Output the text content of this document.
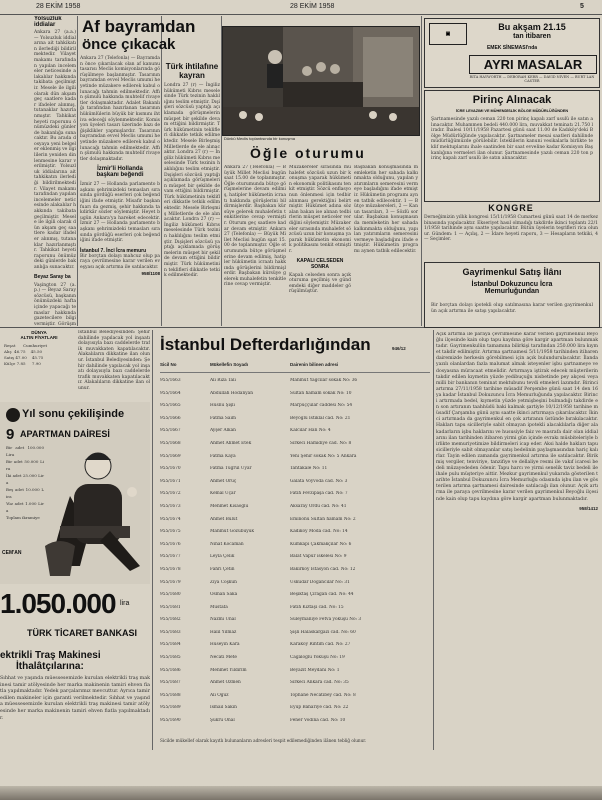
28 EKİM 1958	28 EKİM 1958	5
Yolsuzluk iddialar
Ankara 27 (a.a.) — Yolsuzluk iddialarına ait tahkikatın ilerlediği bildirilmektedir. Vilayet makamı tarafından yapılan incelemeler neticesinde alakalılar hakkında takibata geçilmiştir. Mesele ile ilgili olarak dün akşam geç saatlere kadar ifadeler alınmış, tutanaklar hazırlanmıştır. Tahkikat heyeti raporunu önümüzdeki günlerde bakanlığa sunacaktır. Bu arada dosyaya yeni belgeler eklenmiş ve ilgililerin yeniden dinlenmesine karar verilmiştir. Yolsuzluk iddialarına ait tahkikatın ilerlediği bildirilmektedir. Vilayet makamı tarafından yapılan incelemeler neticesinde alakalılar hakkında takibata geçilmiştir. Mesele ile ilgili olarak dün akşam geç saatlere kadar ifadeler alınmış, tutanaklar hazırlanmıştır. Tahkikat heyeti raporunu önümüzdeki günlerde bakanlığa sunacaktır.
Beyaz Saray ba
Vaşington 27 (a.p.) — Beyaz Saray sözcüsü, başkanın önümüzdeki hafta içinde yapacağı temaslar hakkında gazetecilere bilgi vermiştir. Görüşm
Ankara 27 (Telefonla) — Bayramdan önce çıkarılacak olan af kanunu tasarısı Meclis komisyonlarında görüşülmeye başlanmıştır. Tasarının bayramdan evvel Meclis umumi heyetinde müzakere edilerek kabul olunacağı tahmin edilmektedir. Affın şümulü hakkında muhtelif rivayetler dolaşmaktadır. Adalet Bakanlığı tarafından hazırlanan tasarının hükümlülerin büyük bir kısmını ihtiva edeceği söylenmektedir. Komisyon üyeleri tasarı üzerinde bazı değişiklikler yapmışlardır. Tasarının bayramdan evvel Meclis umumi heyetinde müzakere edilerek kabul olunacağı tahmin edilmektedir. Affın şümulü hakkında muhtelif rivayetler dolaşmaktadır.
İzmir'li Hollanda
başkanı beğendi
İzmir 27 — Hollanda parlamento başkanı şehrimizdeki temasları sırasında gördüğü eserleri çok beğendiğini ifade etmiştir. Misafir başkan fuarı da gezmiş, şehir hakkında takdirkâr sözler söylemiştir. Heyet bugün Ankara'ya hareket edecektir. İzmir 27 — Hollanda parlamento başkanı şehrimizdeki temasları sırasında gördüğü eserleri çok beğendiğini ifade etmiştir.
İstanbul 7. İnci İcra memuru
Bir borçtan dolayı mahcuz olup paraya çevrilmesine karar verilen ev eşyası açık artırma ile satılacaktır.
958/1108
Af bayramdan
önce çıkacak
Türk ihtilafıne
kayran
Londra 27 (r) — İngiliz hükümeti Kıbrıs meselesinde Türk tezinin haklılığını teslim etmiştir. Dışişleri sözcüsü yaptığı açıklamada görüşmelerin müspet bir şekilde devam ettiğini bildirmiştir. Türk hükümetinin teklifleri dikkatle tetkik edilmektedir. Mesele Birleşmiş Milletlerde de ele alınacaktır. Londra 27 (r) — İngiliz hükümeti Kıbrıs meselesinde Türk tezinin haklılığını teslim etmiştir. Dışişleri sözcüsü yaptığı açıklamada görüşmelerin müspet bir şekilde devam ettiğini bildirmiştir. Türk hükümetinin teklifleri dikkatle tetkik edilmektedir. Mesele Birleşmiş Milletlerde de ele alınacaktır. Londra 27 (r) — İngiliz hükümeti Kıbrıs meselesinde Türk tezinin haklılığını teslim etmiştir. Dışişleri sözcüsü yaptığı açıklamada görüşmelerin müspet bir şekilde devam ettiğini bildirmiştir. Türk hükümetinin teklifleri dikkatle tetkik edilmektedir.
Dünkü Meclis toplantısında bir konuşma
Öğle oturumu
Ankara 27 (Telefonla) — Büyük Millet Meclisi bugün saat 15.00 de toplanmıştır. Öğle oturumunda bütçe görüşmelerine devam edilmiş, hatipler hükümetin icraatı hakkında görüşlerini bildirmişlerdir. Başbakan kürsüye gelerek muhalefetin tenkitlerine cevap vermiştir. Oturum geç saatlere kadar devam etmiştir. Ankara 27 (Telefonla) — Büyük Millet Meclisi bugün saat 15.00 de toplanmıştır. Öğle oturumunda bütçe görüşmelerine devam edilmiş, hatipler hükümetin icraatı hakkında görüşlerini bildirmişlerdir. Başbakan kürsüye gelerek muhalefetin tenkitlerine cevap vermiştir.
Müzakereler sırasında muhalefet sözcüsü uzun bir konuşma yaparak hükümetin ekonomik politikasını tenkit etmiştir. Sözcü enflasyonun önlenmesi için tedbir alınması gerektiğini belirtmiştir. Hükümet adına söz alan bakan ise alınan tedbirlerin müspet neticeler verdiğini söylemiştir. Müzakereler sırasında muhalefet sözcüsü uzun bir konuşma yaparak hükümetin ekonomik politikasını tenkit etmiştir.
KAPALI CELSEDEN
SONRA
Kapalı celseden sonra açık oturuma geçilmiş ve gündemdeki diğer maddeler görüşülmüştür.
Başbakan konuşmasında memleketin her sahada kalkınmakta olduğunu, yapılan yatırımların semeresini vermeye başladığını ifade etmiştir. Hükümetin programı aynen tatbik edilecektir. 1 — Bütçe müzakereleri, 2 — Kanun tasarıları, 3 — Sözlü sorular. Başbakan konuşmasında memleketin her sahada kalkınmakta olduğunu, yapılan yatırımların semeresini vermeye başladığını ifade etmiştir. Hükümetin programı aynen tatbik edilecektir.
▣
Bu akşam 21.15
tan itibaren
EMEK SİNEMASI'nda
AYRI MASALAR
RITA HAYWORTH — DEBORAH KERR — DAVID NIVEN — BURT LANCASTER
Pirinç Alınacak
İCRE LEVAZIMI VE MÜHENDİSLİK BÖLGE MÜDÜRLÜĞÜNDEN
Şartnamesinde yazılı ceman 220 ton pirinç kapalı zarf usulü ile satın alınacaktır. Muhammen bedeli 440.000 lira, muvakkat teminatı 21.750 liradır. İhalesi 10/11/1958 Pazartesi günü saat 11.00 de Kadıköy'deki Bölge Müdürlüğünde yapılacaktır. Şartnameler mesai saatleri dahilinde müdürlüğümüzde görülebilir. İsteklilerin kanuni vesikalarla birlikte teklif mektuplarını ihale saatinden bir saat evveline kadar Komisyon Başkanlığına vermeleri ilan olunur. Şartnamesinde yazılı ceman 220 ton pirinç kapalı zarf usulü ile satın alınacaktır.
KONGRE
Derneğimizin yıllık kongresi 15/11/1958 Cumartesi günü saat 14 de merkez binasında yapılacaktır. Ekseriyet hasıl olmadığı takdirde ikinci toplantı 22/11/1958 tarihinde aynı saatte yapılacaktır. Bütün üyelerin teşrifleri rica olunur. Gündem: 1 — Açılış, 2 — İdare heyeti raporu, 3 — Hesapların tetkiki, 4 — Seçimler.
Gayrimenkul Satış İlânı
İstanbul Dokuzuncu İcra
Memurluğundan
Bir borçtan dolayı ipotekli olup satılmasına karar verilen gayrimenkulün açık artırma ile satışı yapılacaktır.
Yıl sonu çekilişinde
9 APARTMAN DAİRESİ
Bir adet 100.000 Lira
Bir adet 50.000 Lira
İki adet 25.000 Lira
Beş adet 10.000 Lira
Yüz adet 1.000 Lira
Toplam ikramiye
CEM'AN
1.050.000 lira
TÜRK TİCARET BANKASI
DÜNYA
ALTIN FİYATLARI
Reşat      Cumhuriyet
Alış  46.75    45.50
Satış 47.00    45.75
Külçe 7.85     7.90
İstanbul Belediyesinden: Şehir dahilinde yapılacak yol inşaatı dolayısıyla bazı caddelerde trafik muvakkaten kapatılacaktır. Alakalıların dikkatine ilan olunur. İstanbul Belediyesinden: Şehir dahilinde yapılacak yol inşaatı dolayısıyla bazı caddelerde trafik muvakkaten kapatılacaktır. Alakalıların dikkatine ilan olunur.
ektrikli Traş Makinesi
İthalâtçılarına:
Sıhhat ve yaşında müessesemizde kurulan elektrikli traş makinesi tamir atölyesinde her marka makinenin tamiri ehven fiatla yapılmaktadır. Yedek parçalarımız mevcuttur. Ayrıca tamir edilen makineler için garanti verilmektedir. Sıhhat ve yaşında müessesemizde kurulan elektrikli traş makinesi tamir atölyesinde her marka makinenin tamiri ehven fiatla yapılmaktadır.
İstanbul Defterdarlığından	946/12
Sicil No	Mükellefin Soyadı	Dairenin bilinen adresi
955/1663	Ali Rıza Tali	Mahmut Yağcılar sokak No: 36
955/1664	Abdullah Hodanyan	Sultan hamam sokak No: 10
955/1665	Hüsnü Şişli	Marpuççular caddesi No: 54
955/1666	Fatma Saim	Beyoğlu İstiklal cad. No: 21
955/1667	Ayşer Alkan	Kalcılar Han No: 4
955/1668	Ahmet Ahmet Etek	Sirkeci Hamidiye cad. No: 8
955/1669	Fatma Kaya	Yeni Şehir sokak No: 5 Ankara
955/1670	Fatma Tuğrul Uyar	Tahtakale No: 11
955/1671	Ahmet Oruç	Galata Voyvoda cad. No: 3
955/1672	Kemal Uçar	Fatih Fevzipaşa cad. No: 7
955/1673	Mehmet Kısaoğlu	Aksaray Ordu cad. No: 41
955/1674	Ahmet Bulut	Eminönü Sultan hamam No: 2
955/1675	Mahmut Gözübüyük	Kadıköy Moda cad. No: 14
955/1676	Nihat Kocaman	Kumkapı Çakmakçılar No: 6
955/1677	Leyla Çelik	Balat Vapur iskelesi No: 9
955/1678	Fahri Çetin	Bakırköy İstasyon cad. No: 12
955/1679	Ziya Coşkun	Üsküdar Doğancılar No: 31
955/1680	Osman Saka	Beşiktaş Çırağan cad. No: 44
955/1681	Mustafa	Fatih Kıztaşı cad. No: 15
955/1682	Nazmi Ünal	Süleymaniye Fetva yokuşu No: 3
955/1683	Halil Yılmaz	Şişli Halaskargazi cad. No: 60
955/1684	Hüseyin Kara	Karaköy Rıhtım cad. No: 27
955/1685	Necati Mete	Cağaloğlu Yokuşu No: 19
955/1686	Mehmet Yıldırım	Beyazıt Meydanı No: 1
955/1687	Ahmet Özmen	Sirkeci Ankara cad. No: 35
955/1688	Ali Oğuz	Tophane Necatibey cad. No: 8
955/1689	İsmail Sakin	Eyüp Bahariye cad. No: 22
955/1690	Şükrü Önal	Fener Vodina cad. No: 10
Sicilde mükellef olarak kayıtlı bulunanların adresleri tespit edilemediğinden ilânen tebliğ olunur.
Açık artırma ile paraya çevrilmesine karar verilen gayrimenkul Beyoğlu ilçesinde kain olup tapu kaydına göre kargir apartman bulunmaktadır. Gayrimenkulün tamamına bilirkişi tarafından 250.000 lira kıymet takdir edilmiştir. Artırma şartnamesi 5/11/1958 tarihinden itibaren dairemizde herkesin görebilmesi için açık bulundurulacaktır. İlanda yazılı olanlardan fazla malumat almak isteyenler işbu şartnameye ve dosyasına müracaat etmelidir. Artırmaya iştirak edecek müşterilerin takdir edilen kıymetin yüzde yedibuçuğu nisbetinde pey akçesi veya milli bir bankanın teminat mektubunu tevdi etmeleri lazımdır. Birinci artırma 27/11/1958 tarihine müsadif Perşembe günü saat 14 den 16 ya kadar İstanbul Dokuzuncu İcra Memurluğunda yapılacaktır. Birinci artırmada bedel, kıymetin yüzde yetmişbeşini bulmadığı takdirde en son artıranın taahhüdü baki kalmak şartiyle 10/12/1958 tarihine müsadif Çarşamba günü aynı saatte ikinci artırmaya çıkarılacaktır. İkinci artırmada da gayrimenkul en çok artıranın üstünde bırakılacaktır. Hakları tapu sicilleriyle sabit olmayan ipotekli alacaklılarla diğer alakadarların işbu haklarını ve hususiyle faiz ve masrafa dair olan iddialarını ilan tarihinden itibaren yirmi gün içinde evrakı müsbiteleriyle birlikte memuriyetimize bildirmeleri icap eder. Aksi halde hakları tapu sicilleriyle sabit olmayanlar satış bedelinin paylaşmasından hariç kalırlar. Tayin edilen zamanda gayrimenkul artırma ile satılacaktır. Birikmiş vergiler, tenviriye, tanzifiye ve dellaliye resmi ile vakıf icaresi bedeli müzayededen ödenir. Tapu harcı ve yirmi senelik taviz bedeli ile ihale pulu müşteriye aittir. Mezkur gayrimenkul yukarıda gösterilen tarihte İstanbul Dokuzuncu İcra Memurluğu odasında işbu ilan ve gösterilen artırma şartnamesi dairesinde satılacağı ilan olunur. Açık artırma ile paraya çevrilmesine karar verilen gayrimenkul Beyoğlu ilçesinde kain olup tapu kaydına göre kargir apartman bulunmaktadır.
958/1412
